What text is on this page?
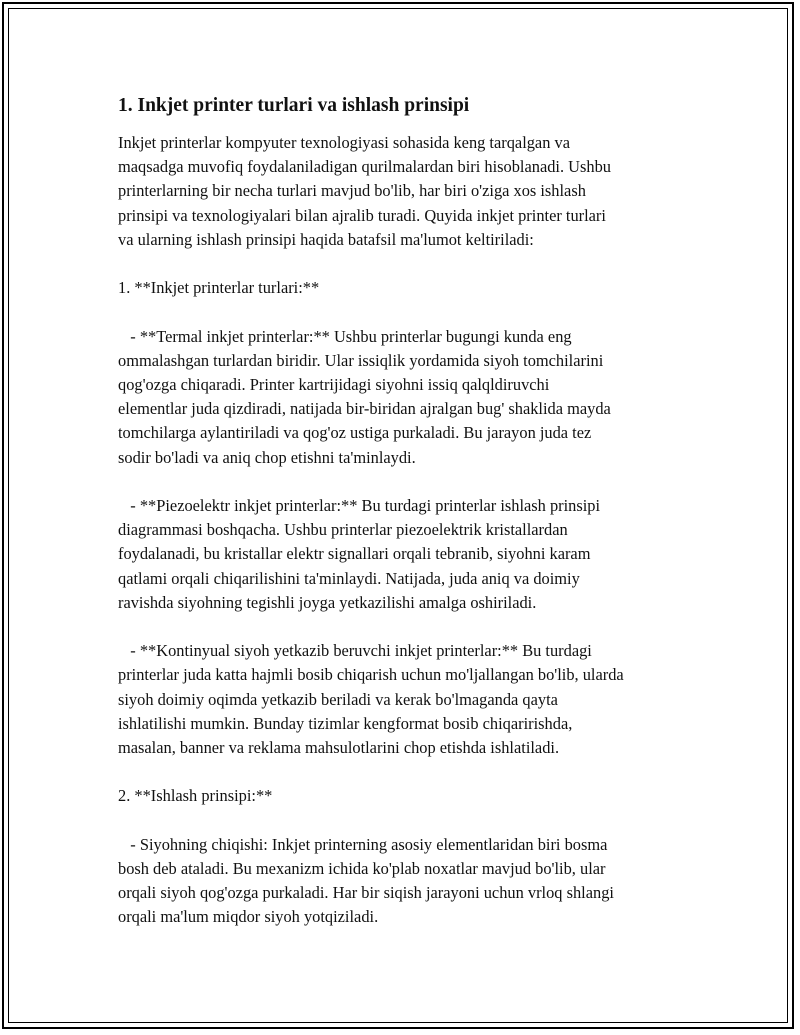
1. Inkjet printer turlari va ishlash prinsipi

Inkjet printerlar kompyuter texnologiyasi sohasida keng tarqalgan va
maqsadga muvofiq foydalaniladigan qurilmalardan biri hisoblanadi. Ushbu
printerlarning bir necha turlari mavjud bo'lib, har biri o'ziga xos ishlash
prinsipi va texnologiyalari bilan ajralib turadi. Quyida inkjet printer turlari
va ularning ishlash prinsipi haqida batafsil ma'lumot keltiriladi:

1. **Inkjet printerlar turlari:**

- **Termal inkjet printerlar:** Ushbu printerlar bugungi kunda eng
ommalashgan turlardan biridir. Ular issiqlik yordamida siyoh tomchilarini
qog'ozga chiqaradi. Printer kartrijidagi siyohni issiq qalqldiruvchi
elementlar juda qizdiradi, natijada bir-biridan ajralgan bug' shaklida mayda
tomchilarga aylantiriladi va qog'oz ustiga purkaladi. Bu jarayon juda tez
sodir bo'ladi va aniq chop etishni ta'minlaydi.

- **Piezoelektr inkjet printerlar:** Bu turdagi printerlar ishlash prinsipi
diagrammasi boshqacha. Ushbu printerlar piezoelektrik kristallardan
foydalanadi, bu kristallar elektr signallari orqali tebranib, siyohni karam
qatlami orqali chiqarilishini ta'minlaydi. Natijada, juda aniq va doimiy
ravishda siyohning tegishli joyga yetkazilishi amalga oshiriladi.

- **Kontinyual siyoh yetkazib beruvchi inkjet printerlar:** Bu turdagi
printerlar juda katta hajmli bosib chiqarish uchun mo'ljallangan bo'lib, ularda
siyoh doimiy oqimda yetkazib beriladi va kerak bo'lmaganda qayta
ishlatilishi mumkin. Bunday tizimlar kengformat bosib chiqaririshda,
masalan, banner va reklama mahsulotlarini chop etishda ishlatiladi.

2. **Ishlash prinsipi:**

- Siyohning chiqishi: Inkjet printerning asosiy elementlaridan biri bosma
bosh deb ataladi. Bu mexanizm ichida ko'plab noxatlar mavjud bo'lib, ular
orqali siyoh qog'ozga purkaladi. Har bir siqish jarayoni uchun vrloq shlangi
orqali ma'lum miqdor siyoh yotqiziladi.
